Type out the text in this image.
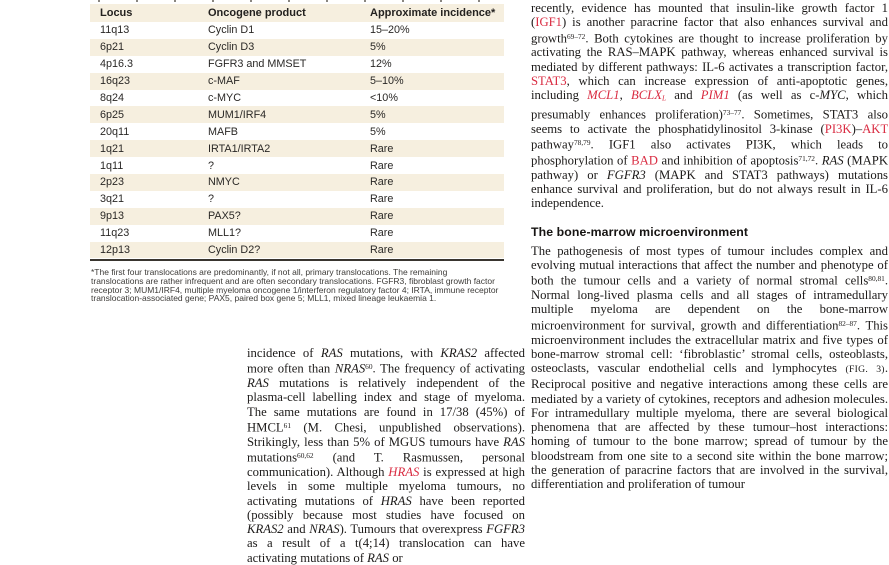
Locus	Oncogene product	Approximate incidence*
11q13	Cyclin D1	15–20%
6p21	Cyclin D3	5%
4p16.3	FGFR3 and MMSET	12%
16q23	c-MAF	5–10%
8q24	c-MYC	<10%
6p25	MUM1/IRF4	5%
20q11	MAFB	5%
1q21	IRTA1/IRTA2	Rare
1q11	?	Rare
2p23	NMYC	Rare
3q21	?	Rare
9p13	PAX5?	Rare
11q23	MLL1?	Rare
12p13	Cyclin D2?	Rare
*The first four translocations are predominantly, if not all, primary translocations. The remaining translocations are rather infrequent and are often secondary translocations. FGFR3, fibroblast growth factor receptor 3; MUM1/IRF4, multiple myeloma oncogene 1/interferon regulatory factor 4; IRTA, immune receptor translocation-associated gene; PAX5, paired box gene 5; MLL1, mixed lineage leukaemia 1.

incidence of RAS mutations, with KRAS2 affected more often than NRAS$^{60}$. The frequency of activating RAS mutations is relatively independent of the plasma-cell labelling index and stage of myeloma. The same mutations are found in 17/38 (45%) of HMCL$^{61}$ (M. Chesi, unpublished observations). Strikingly, less than 5% of MGUS tumours have RAS mutations$^{60,62}$ (and T. Rasmussen, personal communication). Although HRAS is expressed at high levels in some multiple myeloma tumours, no activating mutations of HRAS have been reported (possibly because most studies have focused on KRAS2 and NRAS). Tumours that overexpress FGFR3 as a result of a t(4;14) translocation can have activating mutations of RAS or

recently, evidence has mounted that insulin-like growth factor 1 (IGF1) is another paracrine factor that also enhances survival and growth$^{69-72}$. Both cytokines are thought to increase proliferation by activating the RAS–MAPK pathway, whereas enhanced survival is mediated by different pathways: IL-6 activates a transcription factor, STAT3, which can increase expression of anti-apoptotic genes, including MCL1, BCLXL and PIM1 (as well as c-MYC, which presumably enhances proliferation)$^{73-77}$. Sometimes, STAT3 also seems to activate the phosphatidylinositol 3-kinase (PI3K)–AKT pathway$^{78,79}$. IGF1 also activates PI3K, which leads to phosphorylation of BAD and inhibition of apoptosis$^{71,72}$. RAS (MAPK pathway) or FGFR3 (MAPK and STAT3 pathways) mutations enhance survival and proliferation, but do not always result in IL-6 independence.

The bone-marrow microenvironment

The pathogenesis of most types of tumour includes complex and evolving mutual interactions that affect the number and phenotype of both the tumour cells and a variety of normal stromal cells$^{80,81}$. Normal long-lived plasma cells and all stages of intramedullary multiple myeloma are dependent on the bone-marrow microenvironment for survival, growth and differentiation$^{82-87}$. This microenvironment includes the extracellular matrix and five types of bone-marrow stromal cell: ‘fibroblastic’ stromal cells, osteoblasts, osteoclasts, vascular endothelial cells and lymphocytes (FIG. 3). Reciprocal positive and negative interactions among these cells are mediated by a variety of cytokines, receptors and adhesion molecules. For intramedullary multiple myeloma, there are several biological phenomena that are affected by these tumour–host interactions: homing of tumour to the bone marrow; spread of tumour by the bloodstream from one site to a second site within the bone marrow; the generation of paracrine factors that are involved in the survival, differentiation and proliferation of tumour
